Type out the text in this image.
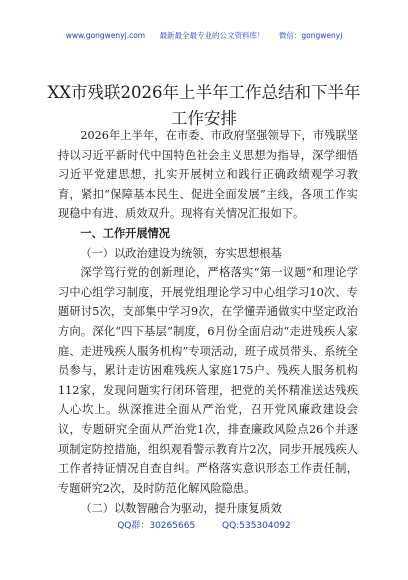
www.gongwenyj.com 最新最全最专业的公文资料库！ 微信：gongwenyj
XX市残联2026年上半年工作总结和下半年工作安排

2026年上半年，在市委、市政府坚强领导下，市残联坚持以习近平新时代中国特色社会主义思想为指导，深学细悟习近平党建思想，扎实开展树立和践行正确政绩观学习教育，紧扣“保障基本民生、促进全面发展”主线，各项工作实现稳中有进、质效双升。现将有关情况汇报如下。

一、工作开展情况

（一）以政治建设为统领，夯实思想根基

深学笃行党的创新理论，严格落实“第一议题”和理论学习中心组学习制度，开展党组理论学习中心组学习10次、专题研讨5次，支部集中学习9次，在学懂弄通做实中坚定政治方向。深化“四下基层”制度，6月份全面启动“走进残疾人家庭、走进残疾人服务机构”专项活动，班子成员带头、系统全员参与，累计走访困难残疾人家庭175户、残疾人服务机构112家，发现问题实行闭环管理，把党的关怀精准送达残疾人心坎上。纵深推进全面从严治党，召开党风廉政建设会议，专题研究全面从严治党1次，排查廉政风险点26个并逐项制定防控措施，组织观看警示教育片2次，同步开展残疾人工作者持证情况自查自纠。严格落实意识形态工作责任制，专题研究2次，及时防范化解风险隐患。

（二）以数智融合为驱动，提升康复质效

QQ群：30265665	QQ:535304092
